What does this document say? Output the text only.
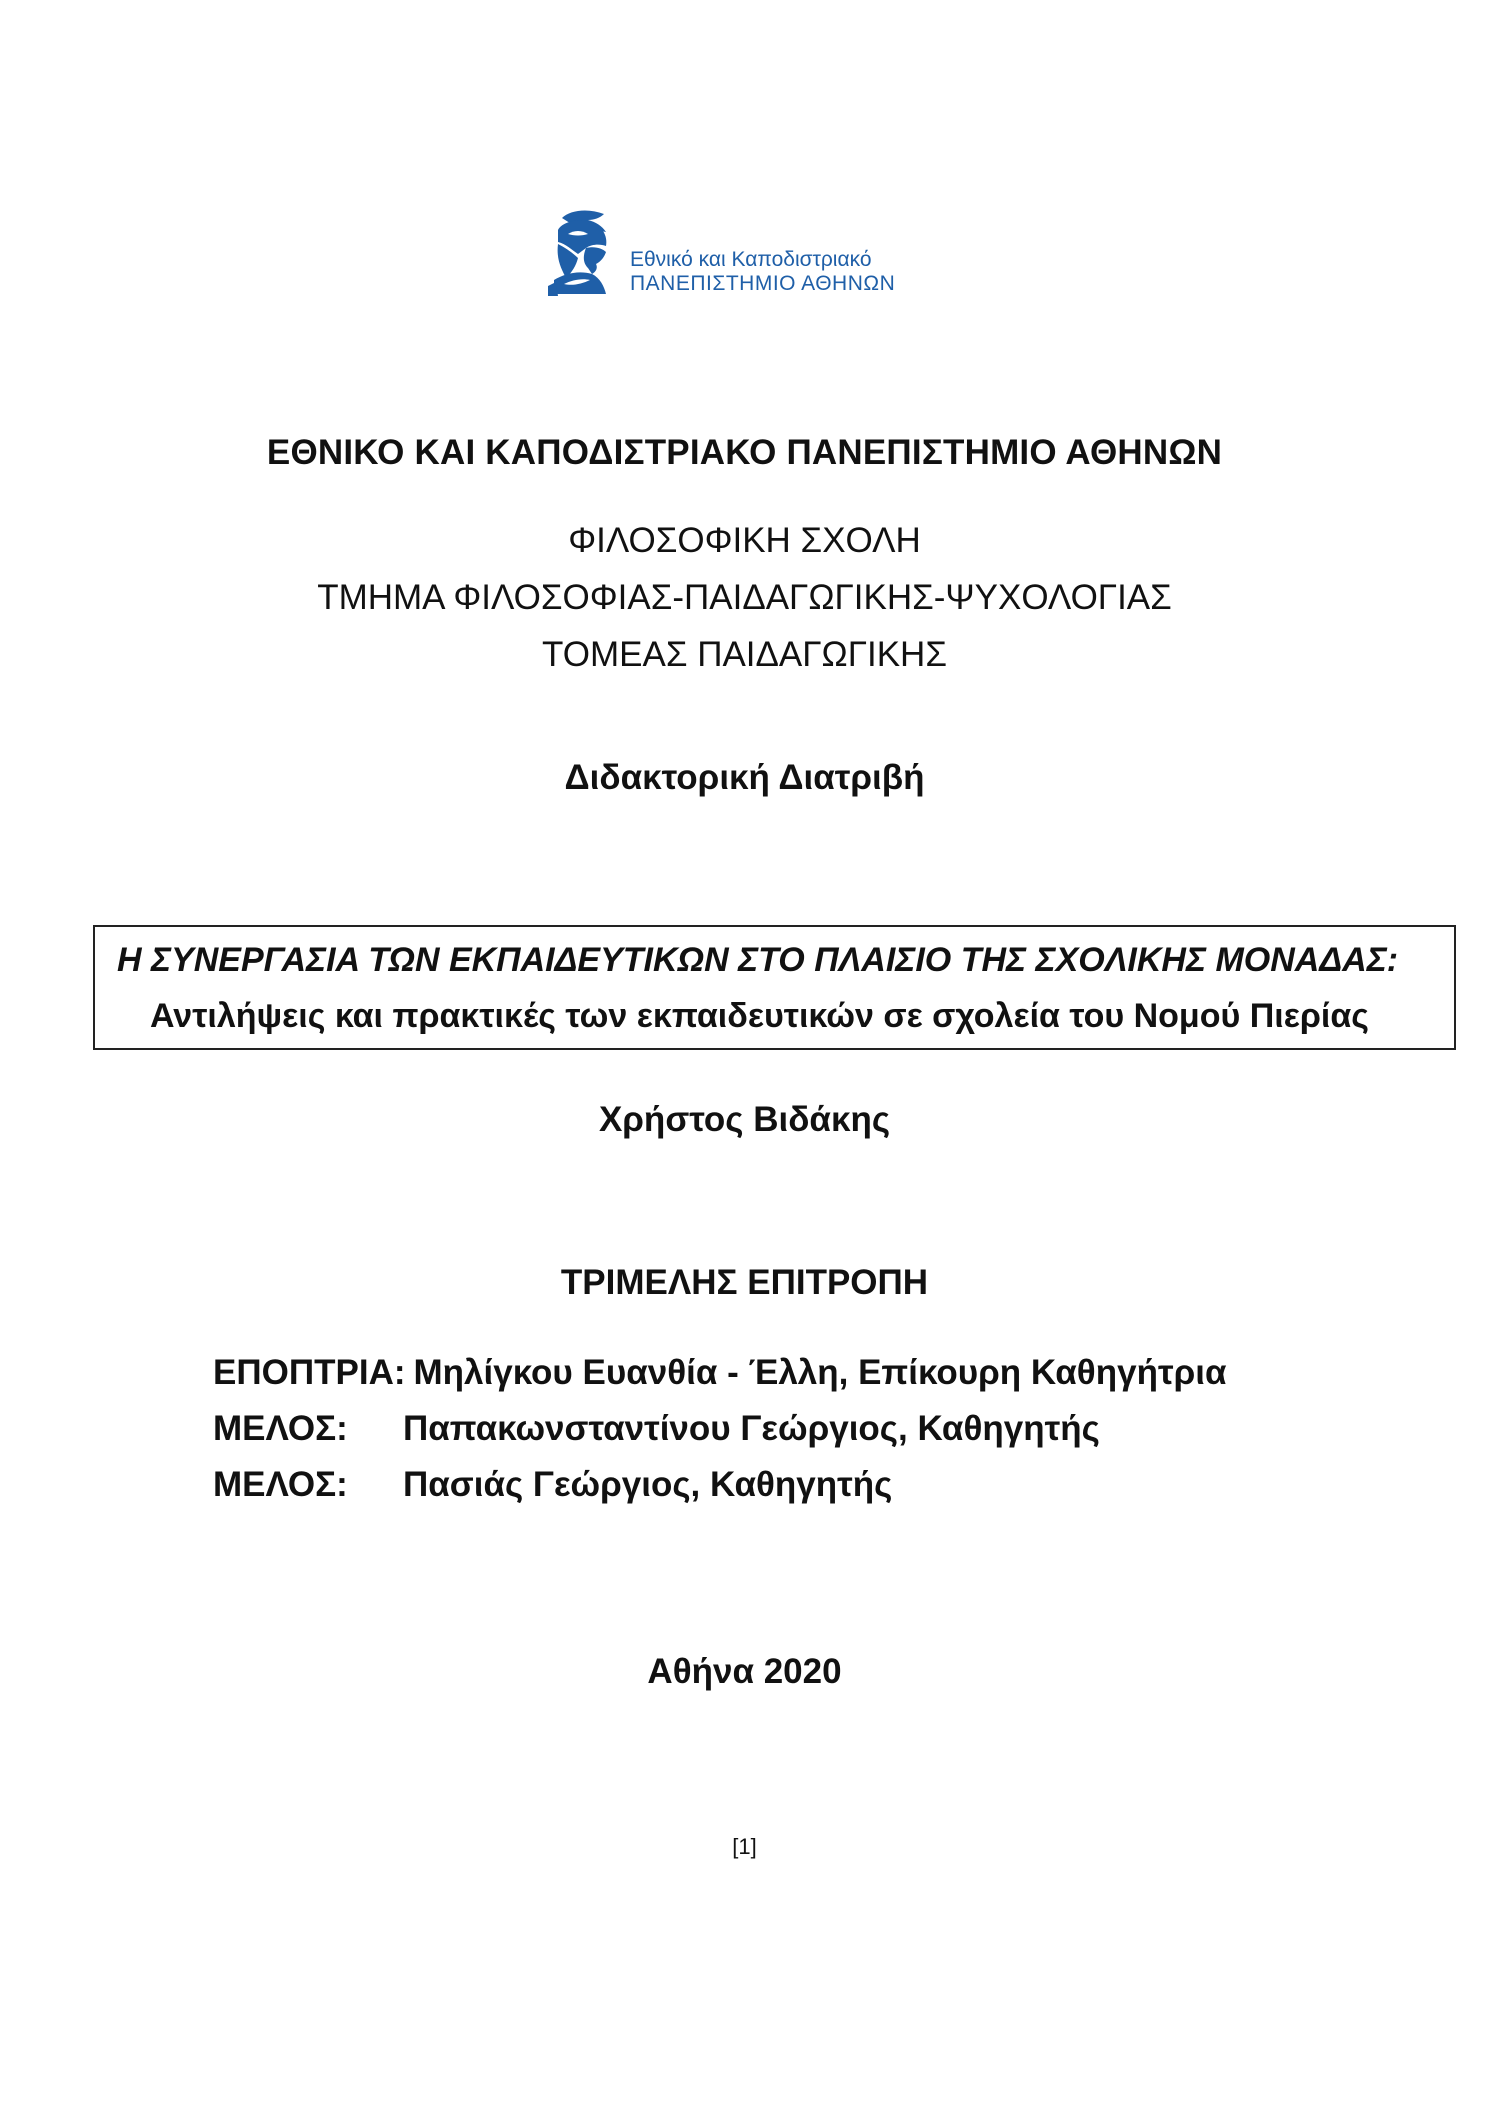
Εθνικό και Καποδιστριακό
ΠΑΝΕΠΙΣΤΗΜΙΟ ΑΘΗΝΩΝ
ΕΘΝΙΚΟ ΚΑΙ ΚΑΠΟΔΙΣΤΡΙΑΚΟ ΠΑΝΕΠΙΣΤΗΜΙΟ ΑΘΗΝΩΝ
ΦΙΛΟΣΟΦΙΚΗ ΣΧΟΛΗ
ΤΜΗΜΑ ΦΙΛΟΣΟΦΙΑΣ-ΠΑΙΔΑΓΩΓΙΚΗΣ-ΨΥΧΟΛΟΓΙΑΣ
ΤΟΜΕΑΣ ΠΑΙΔΑΓΩΓΙΚΗΣ
Διδακτορική Διατριβή
Η ΣΥΝΕΡΓΑΣΙΑ ΤΩΝ ΕΚΠΑΙΔΕΥΤΙΚΩΝ ΣΤΟ ΠΛΑΙΣΙΟ ΤΗΣ ΣΧΟΛΙΚΗΣ ΜΟΝΑΔΑΣ:
Αντιλήψεις και πρακτικές των εκπαιδευτικών σε σχολεία του Νομού Πιερίας
Χρήστος Βιδάκης
ΤΡΙΜΕΛΗΣ ΕΠΙΤΡΟΠΗ
ΕΠΟΠΤΡΙΑ: Μηλίγκου Ευανθία - Έλλη, Επίκουρη Καθηγήτρια
ΜΕΛΟΣ: Παπακωνσταντίνου Γεώργιος, Καθηγητής
ΜΕΛΟΣ: Πασιάς Γεώργιος, Καθηγητής
Αθήνα 2020
[1]
